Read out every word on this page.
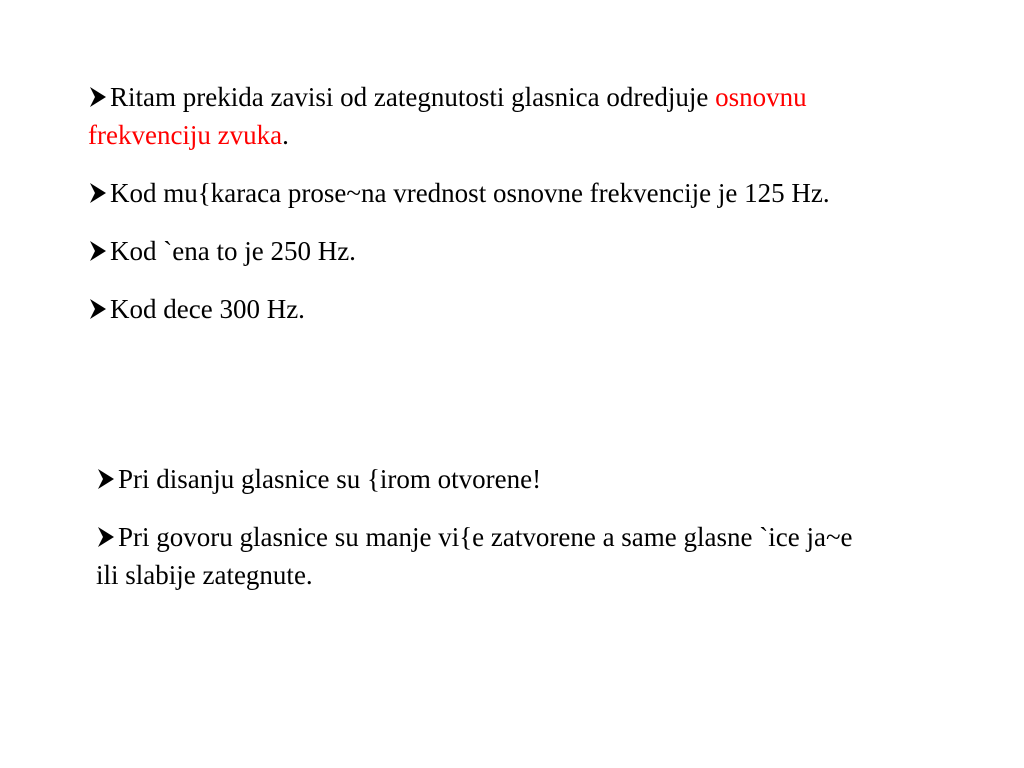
Ritam prekida zavisi od zategnutosti glasnica odredjuje osnovnu frekvenciju zvuka.

Kod mu{karaca prose~na vrednost osnovne frekvencije je 125 Hz.

Kod `ena to je 250 Hz.

Kod dece 300 Hz.

Pri disanju glasnice su {irom otvorene!

Pri govoru glasnice su manje vi{e zatvorene a same glasne `ice ja~e ili slabije zategnute.
